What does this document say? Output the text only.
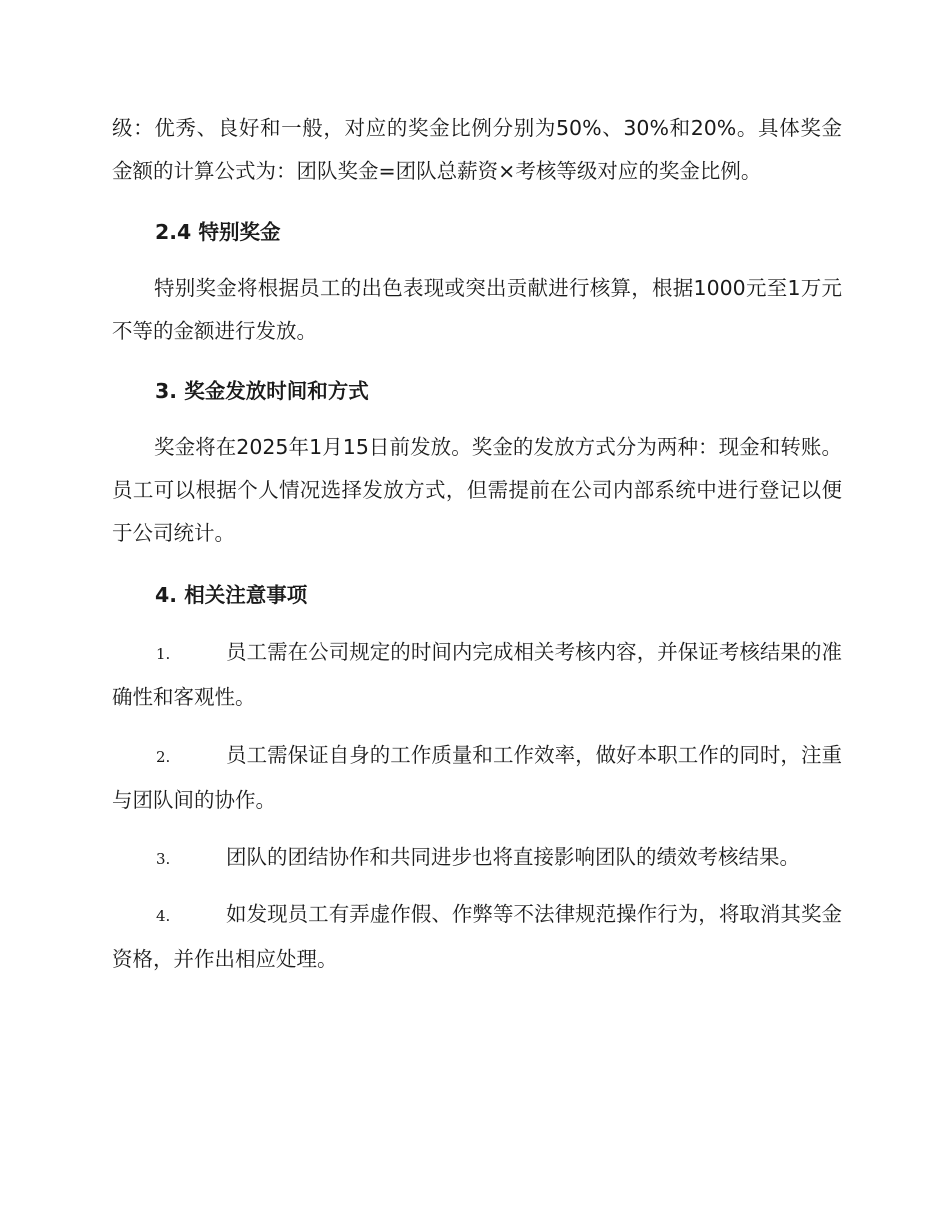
级：优秀、良好和一般，对应的奖金比例分别为50%、30%和20%。具体奖金金额的计算公式为：团队奖金=团队总薪资×考核等级对应的奖金比例。

2.4 特别奖金

特别奖金将根据员工的出色表现或突出贡献进行核算，根据1000元至1万元不等的金额进行发放。

3. 奖金发放时间和方式

奖金将在2025年1月15日前发放。奖金的发放方式分为两种：现金和转账。员工可以根据个人情况选择发放方式，但需提前在公司内部系统中进行登记以便于公司统计。

4. 相关注意事项

1.	员工需在公司规定的时间内完成相关考核内容，并保证考核结果的准确性和客观性。

2.	员工需保证自身的工作质量和工作效率，做好本职工作的同时，注重与团队间的协作。

3.	团队的团结协作和共同进步也将直接影响团队的绩效考核结果。

4.	如发现员工有弄虚作假、作弊等不法律规范操作行为，将取消其奖金资格，并作出相应处理。
